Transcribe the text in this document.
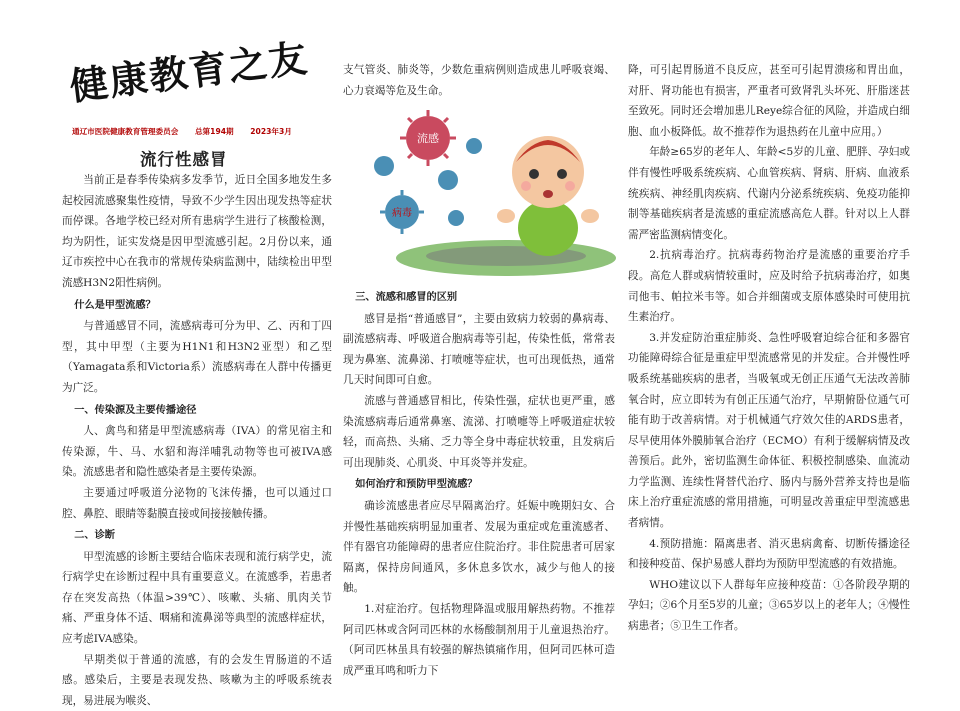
健康教育之友
通辽市医院健康教育管理委员会 总第194期 2023年3月
流行性感冒

当前正是春季传染病多发季节，近日全国多地发生多起校园流感聚集性疫情，导致不少学生因出现发热等症状而停课。各地学校已经对所有患病学生进行了核酸检测，均为阴性，证实发烧是因甲型流感引起。2月份以来，通辽市疾控中心在我市的常规传染病监测中，陆续检出甲型流感H3N2阳性病例。

什么是甲型流感？

与普通感冒不同，流感病毒可分为甲、乙、丙和丁四型，其中甲型（主要为H1N1和H3N2亚型）和乙型（Yamagata系和Victoria系）流感病毒在人群中传播更为广泛。

一、传染源及主要传播途径

人、禽鸟和猪是甲型流感病毒（IVA）的常见宿主和传染源，牛、马、水貂和海洋哺乳动物等也可被IVA感染。流感患者和隐性感染者是主要传染源。

主要通过呼吸道分泌物的飞沫传播，也可以通过口腔、鼻腔、眼睛等黏膜直接或间接接触传播。

二、诊断

甲型流感的诊断主要结合临床表现和流行病学史，流行病学史在诊断过程中具有重要意义。在流感季，若患者存在突发高热（体温>39℃）、咳嗽、头痛、肌肉关节痛、严重身体不适、咽痛和流鼻涕等典型的流感样症状，应考虑IVA感染。

早期类似于普通的流感，有的会发生胃肠道的不适感。感染后，主要是表现发热、咳嗽为主的呼吸系统表现，易进展为喉炎、

支气管炎、肺炎等，少数危重病例则造成患儿呼吸衰竭、心力衰竭等危及生命。

流感
病毒

三、流感和感冒的区别

感冒是指“普通感冒”，主要由致病力较弱的鼻病毒、副流感病毒、呼吸道合胞病毒等引起，传染性低，常常表现为鼻塞、流鼻涕、打喷嚏等症状，也可出现低热，通常几天时间即可自愈。

流感与普通感冒相比，传染性强，症状也更严重，感染流感病毒后通常鼻塞、流涕、打喷嚏等上呼吸道症状较轻，而高热、头痛、乏力等全身中毒症状较重，且发病后可出现肺炎、心肌炎、中耳炎等并发症。

如何治疗和预防甲型流感？

确诊流感患者应尽早隔离治疗。妊娠中晚期妇女、合并慢性基础疾病明显加重者、发展为重症或危重流感者、伴有器官功能障碍的患者应住院治疗。非住院患者可居家隔离，保持房间通风，多休息多饮水，减少与他人的接触。

1.对症治疗。包括物理降温或服用解热药物。不推荐阿司匹林或含阿司匹林的水杨酸制剂用于儿童退热治疗。（阿司匹林虽具有较强的解热镇痛作用，但阿司匹林可造成严重耳鸣和听力下

降，可引起胃肠道不良反应，甚至可引起胃溃疡和胃出血，对肝、肾功能也有损害，严重者可致肾乳头坏死、肝脂迷甚至致死。同时还会增加患儿Reye综合征的风险，并造成白细胞、血小板降低。故不推荐作为退热药在儿童中应用。）

年龄≥65岁的老年人、年龄<5岁的儿童、肥胖、孕妇或伴有慢性呼吸系统疾病、心血管疾病、肾病、肝病、血液系统疾病、神经肌肉疾病、代谢内分泌系统疾病、免疫功能抑制等基础疾病者是流感的重症流感高危人群。针对以上人群需严密监测病情变化。

2.抗病毒治疗。抗病毒药物治疗是流感的重要治疗手段。高危人群或病情较重时，应及时给予抗病毒治疗，如奥司他韦、帕拉米韦等。如合并细菌或支原体感染时可使用抗生素治疗。

3.并发症防治重症肺炎、急性呼吸窘迫综合征和多器官功能障碍综合征是重症甲型流感常见的并发症。合并慢性呼吸系统基础疾病的患者，当吸氧或无创正压通气无法改善肺氧合时，应立即转为有创正压通气治疗，早期俯卧位通气可能有助于改善病情。对于机械通气疗效欠佳的ARDS患者，尽早使用体外膜肺氧合治疗（ECMO）有利于缓解病情及改善预后。此外，密切监测生命体征、积极控制感染、血流动力学监测、连续性肾替代治疗、肠内与肠外营养支持也是临床上治疗重症流感的常用措施，可明显改善重症甲型流感患者病情。

4.预防措施：隔离患者、消灭患病禽畜、切断传播途径和接种疫苗、保护易感人群均为预防甲型流感的有效措施。

WHO建议以下人群每年应接种疫苗：①各阶段孕期的孕妇；②6个月至5岁的儿童；③65岁以上的老年人；④慢性病患者；⑤卫生工作者。
